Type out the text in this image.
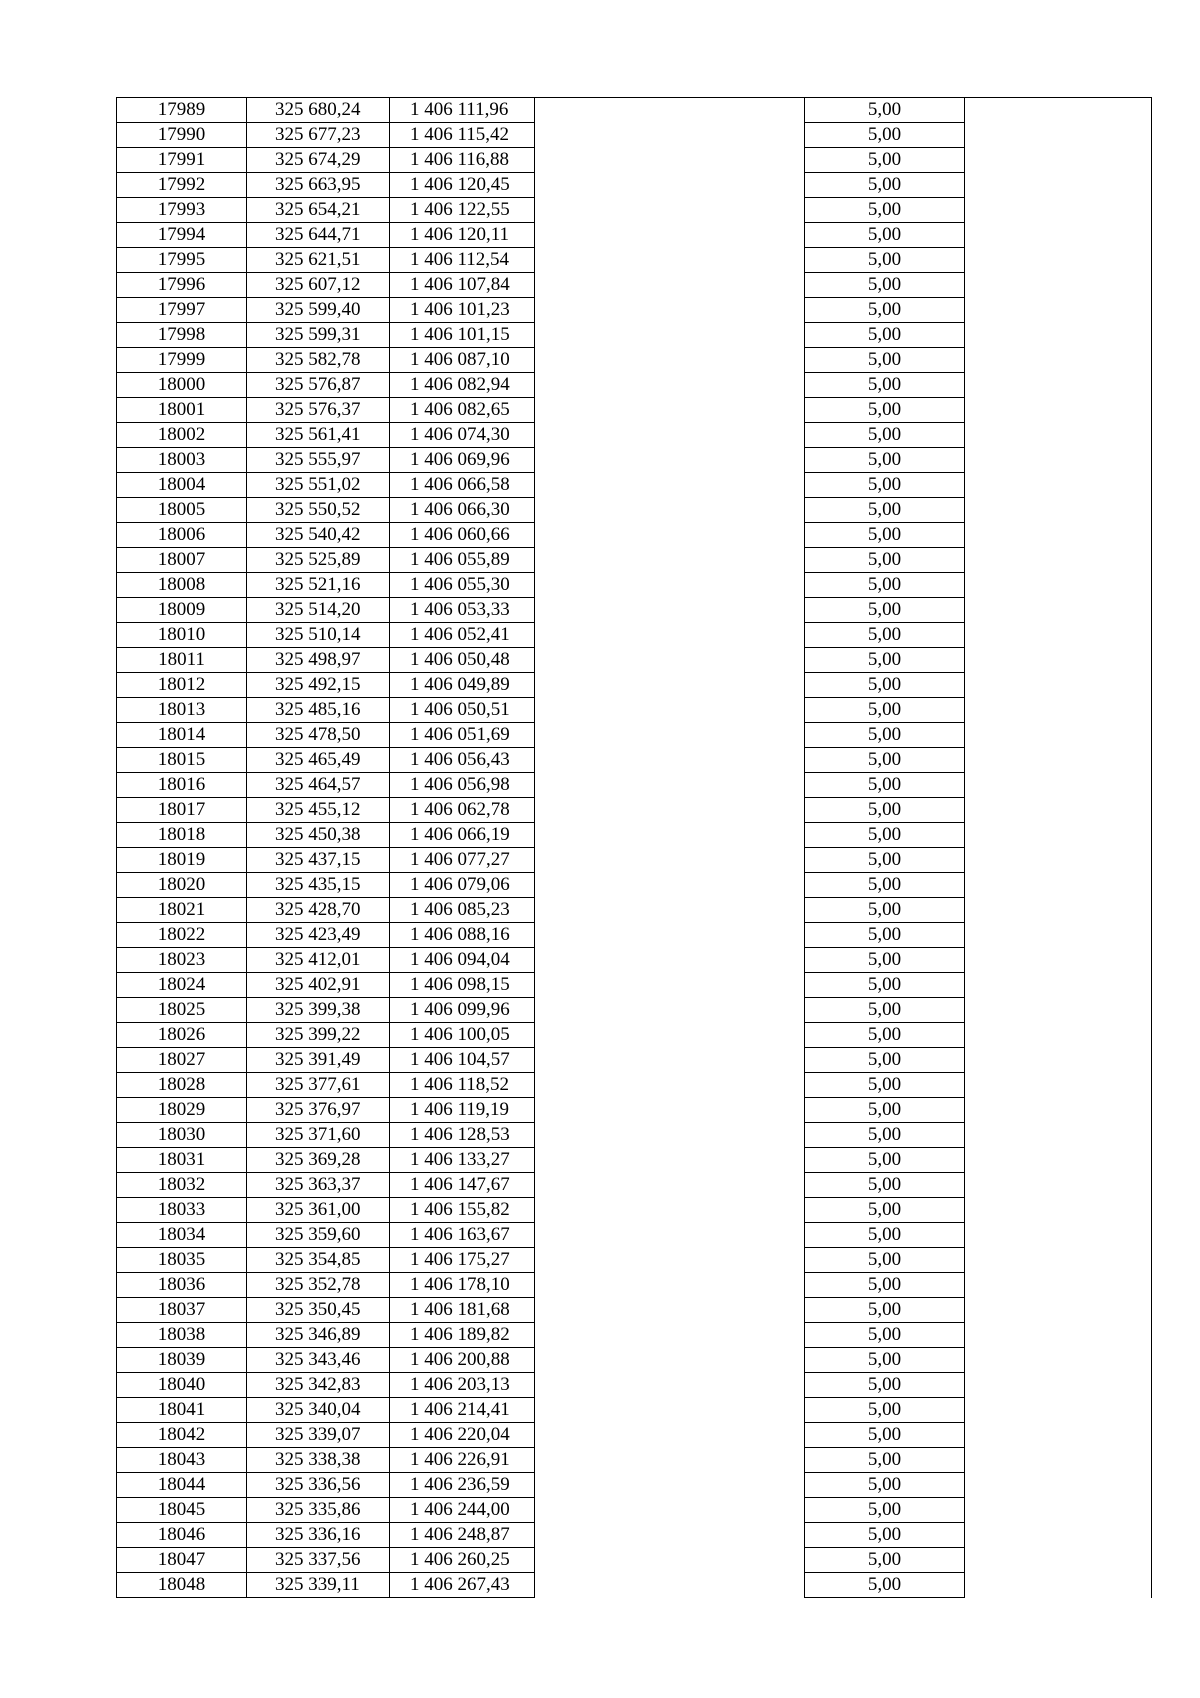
17989	325 680,24	1 406 111,96		5,00	
17990	325 677,23	1 406 115,42		5,00	
17991	325 674,29	1 406 116,88		5,00	
17992	325 663,95	1 406 120,45		5,00	
17993	325 654,21	1 406 122,55		5,00	
17994	325 644,71	1 406 120,11		5,00	
17995	325 621,51	1 406 112,54		5,00	
17996	325 607,12	1 406 107,84		5,00	
17997	325 599,40	1 406 101,23		5,00	
17998	325 599,31	1 406 101,15		5,00	
17999	325 582,78	1 406 087,10		5,00	
18000	325 576,87	1 406 082,94		5,00	
18001	325 576,37	1 406 082,65		5,00	
18002	325 561,41	1 406 074,30		5,00	
18003	325 555,97	1 406 069,96		5,00	
18004	325 551,02	1 406 066,58		5,00	
18005	325 550,52	1 406 066,30		5,00	
18006	325 540,42	1 406 060,66		5,00	
18007	325 525,89	1 406 055,89		5,00	
18008	325 521,16	1 406 055,30		5,00	
18009	325 514,20	1 406 053,33		5,00	
18010	325 510,14	1 406 052,41		5,00	
18011	325 498,97	1 406 050,48		5,00	
18012	325 492,15	1 406 049,89		5,00	
18013	325 485,16	1 406 050,51		5,00	
18014	325 478,50	1 406 051,69		5,00	
18015	325 465,49	1 406 056,43		5,00	
18016	325 464,57	1 406 056,98		5,00	
18017	325 455,12	1 406 062,78		5,00	
18018	325 450,38	1 406 066,19		5,00	
18019	325 437,15	1 406 077,27		5,00	
18020	325 435,15	1 406 079,06		5,00	
18021	325 428,70	1 406 085,23		5,00	
18022	325 423,49	1 406 088,16		5,00	
18023	325 412,01	1 406 094,04		5,00	
18024	325 402,91	1 406 098,15		5,00	
18025	325 399,38	1 406 099,96		5,00	
18026	325 399,22	1 406 100,05		5,00	
18027	325 391,49	1 406 104,57		5,00	
18028	325 377,61	1 406 118,52		5,00	
18029	325 376,97	1 406 119,19		5,00	
18030	325 371,60	1 406 128,53		5,00	
18031	325 369,28	1 406 133,27		5,00	
18032	325 363,37	1 406 147,67		5,00	
18033	325 361,00	1 406 155,82		5,00	
18034	325 359,60	1 406 163,67		5,00	
18035	325 354,85	1 406 175,27		5,00	
18036	325 352,78	1 406 178,10		5,00	
18037	325 350,45	1 406 181,68		5,00	
18038	325 346,89	1 406 189,82		5,00	
18039	325 343,46	1 406 200,88		5,00	
18040	325 342,83	1 406 203,13		5,00	
18041	325 340,04	1 406 214,41		5,00	
18042	325 339,07	1 406 220,04		5,00	
18043	325 338,38	1 406 226,91		5,00	
18044	325 336,56	1 406 236,59		5,00	
18045	325 335,86	1 406 244,00		5,00	
18046	325 336,16	1 406 248,87		5,00	
18047	325 337,56	1 406 260,25		5,00	
18048	325 339,11	1 406 267,43		5,00	
